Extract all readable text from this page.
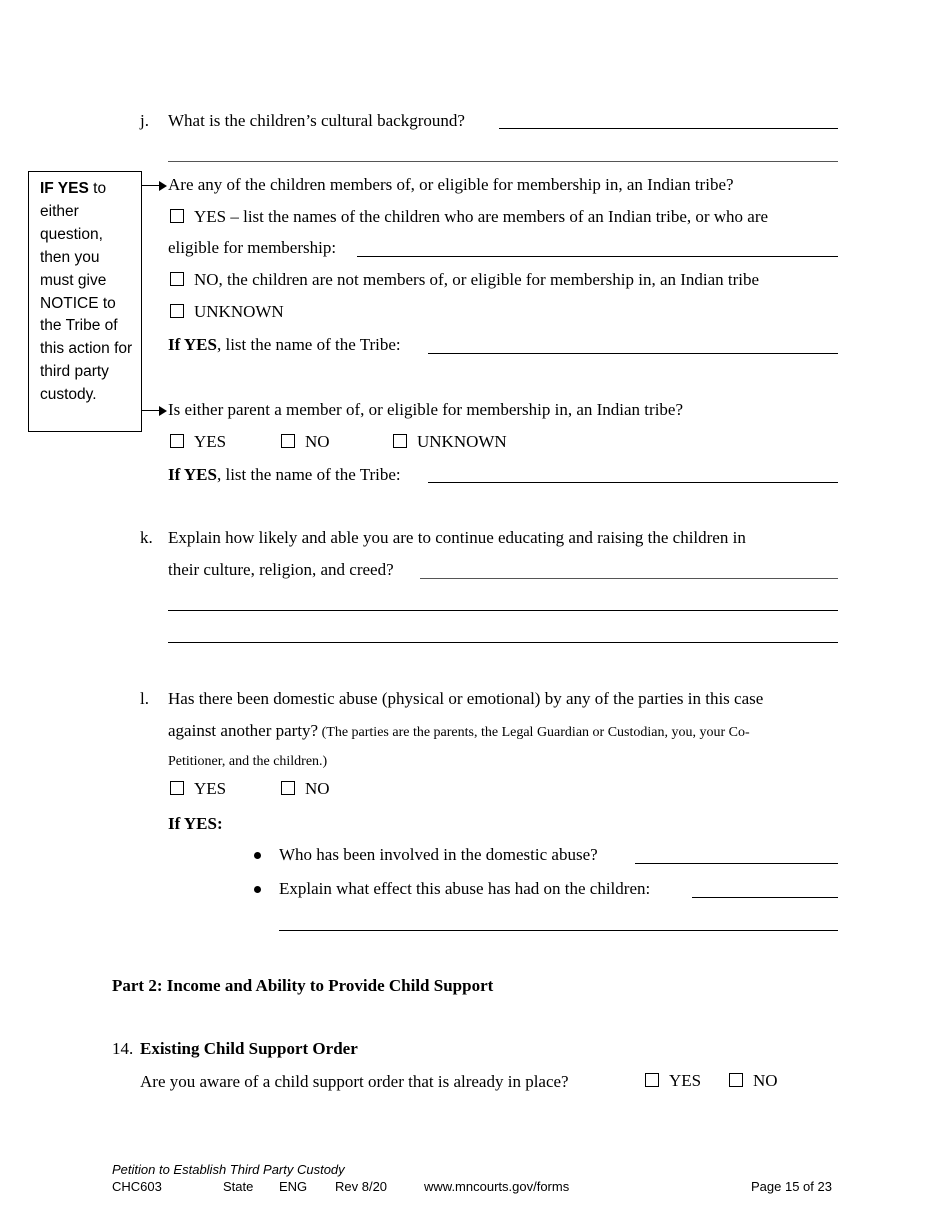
j. What is the children’s cultural background?
IF YES to either question, then you must give NOTICE to the Tribe of this action for third party custody.
Are any of the children members of, or eligible for membership in, an Indian tribe?
YES – list the names of the children who are members of an Indian tribe, or who are
eligible for membership:
NO, the children are not members of, or eligible for membership in, an Indian tribe
UNKNOWN
If YES, list the name of the Tribe:
Is either parent a member of, or eligible for membership in, an Indian tribe?
YES	NO	UNKNOWN
If YES, list the name of the Tribe:
k. Explain how likely and able you are to continue educating and raising the children in
their culture, religion, and creed?
l. Has there been domestic abuse (physical or emotional) by any of the parties in this case
against another party? (The parties are the parents, the Legal Guardian or Custodian, you, your Co-
Petitioner, and the children.)
YES	NO
If YES:
Who has been involved in the domestic abuse?
Explain what effect this abuse has had on the children:
Part 2: Income and Ability to Provide Child Support
14. Existing Child Support Order
Are you aware of a child support order that is already in place?	YES	NO
Petition to Establish Third Party Custody
CHC603	State ENG Rev 8/20	www.mncourts.gov/forms	Page 15 of 23
